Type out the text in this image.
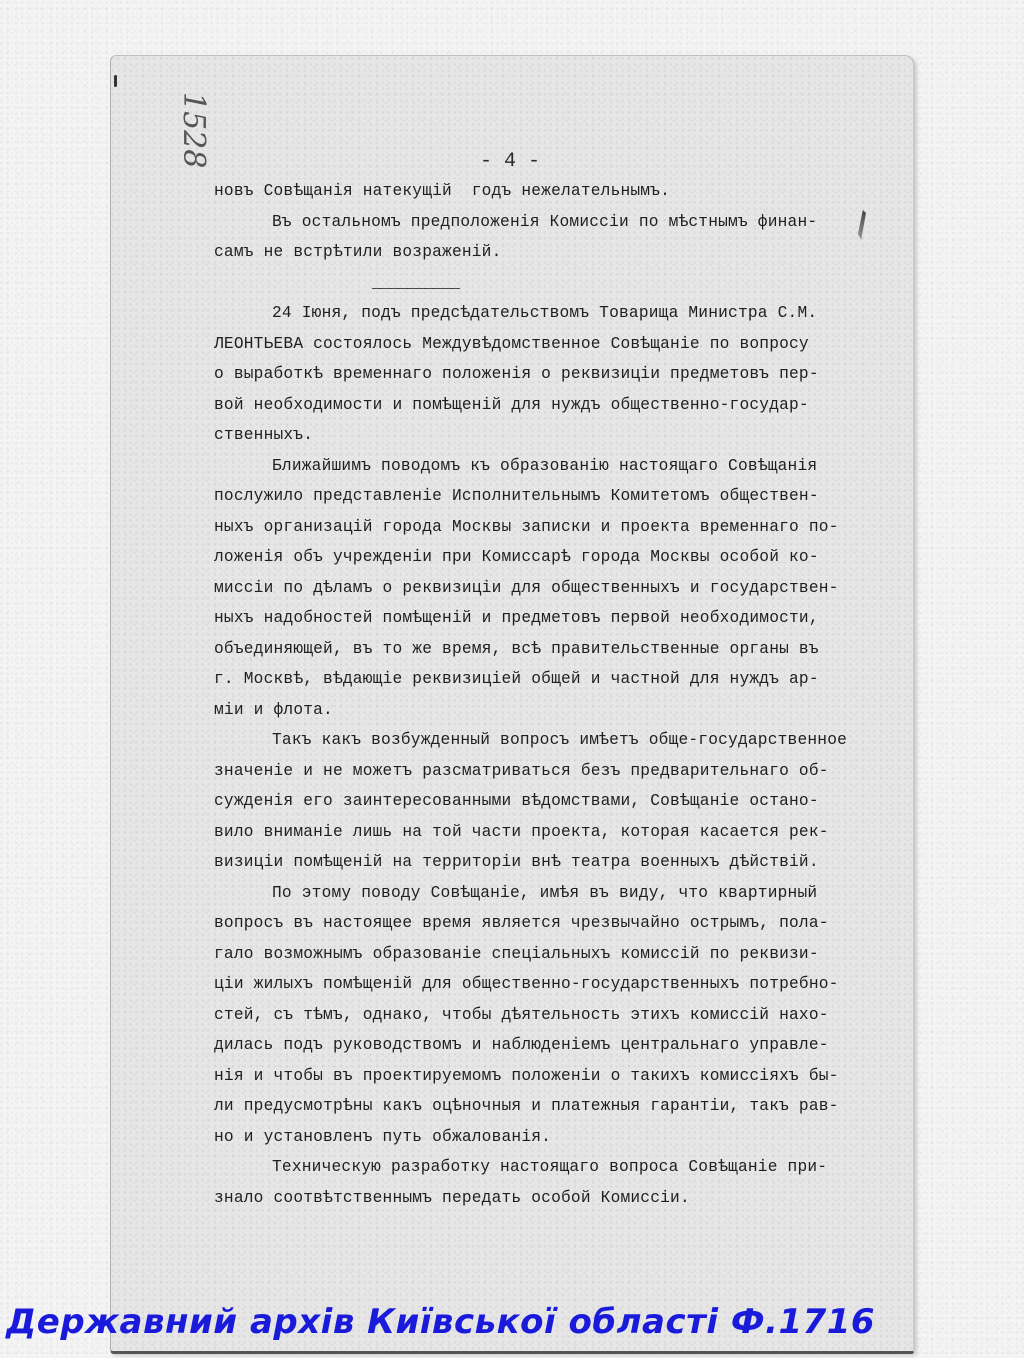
1528	- 4 -
новъ Совѣщанія натекущій  годъ нежелательнымъ.
Въ остальномъ предположенія Комиссіи по мѣстнымъ финан-
самъ не встрѣтили возраженій.
__________
24 Іюня, подъ предсѣдательствомъ Товарища Министра С.М.
ЛЕОНТЬЕВА состоялось Междувѣдомственное Совѣщаніе по вопросу
о выработкѣ временнаго положенія о реквизиціи предметовъ пер-
вой необходимости и помѣщеній для нуждъ общественно-государ-
ственныхъ.
Ближайшимъ поводомъ къ образованію настоящаго Совѣщанія
послужило представленіе Исполнительнымъ Комитетомъ обществен-
ныхъ организацій города Москвы записки и проекта временнаго по-
ложенія объ учрежденіи при Комиссарѣ города Москвы особой ко-
миссіи по дѣламъ о реквизиціи для общественныхъ и государствен-
ныхъ надобностей помѣщеній и предметовъ первой необходимости,
объединяющей, въ то же время, всѣ правительственные органы въ
г. Москвѣ, вѣдающіе реквизиціей общей и частной для нуждъ ар-
міи и флота.
Такъ какъ возбужденный вопросъ имѣетъ обще-государственное
значеніе и не можетъ разсматриваться безъ предварительнаго об-
сужденія его заинтересованными вѣдомствами, Совѣщаніе остано-
вило вниманіе лишь на той части проекта, которая касается рек-
визиціи помѣщеній на территоріи внѣ театра военныхъ дѣйствій.
По этому поводу Совѣщаніе, имѣя въ виду, что квартирный
вопросъ въ настоящее время является чрезвычайно острымъ, пола-
гало возможнымъ образованіе спеціальныхъ комиссій по реквизи-
ціи жилыхъ помѣщеній для общественно-государственныхъ потребно-
стей, съ тѣмъ, однако, чтобы дѣятельность этихъ комиссій нахо-
дилась подъ руководствомъ и наблюденіемъ центральнаго управле-
нія и чтобы въ проектируемомъ положеніи о такихъ комиссіяхъ бы-
ли предусмотрѣны какъ оцѣночныя и платежныя гарантіи, такъ рав-
но и установленъ путь обжалованія.
Техническую разработку настоящаго вопроса Совѣщаніе при-
знало соотвѣтственнымъ передать особой Комиссіи.
Державний архів Київської області Ф.1716
